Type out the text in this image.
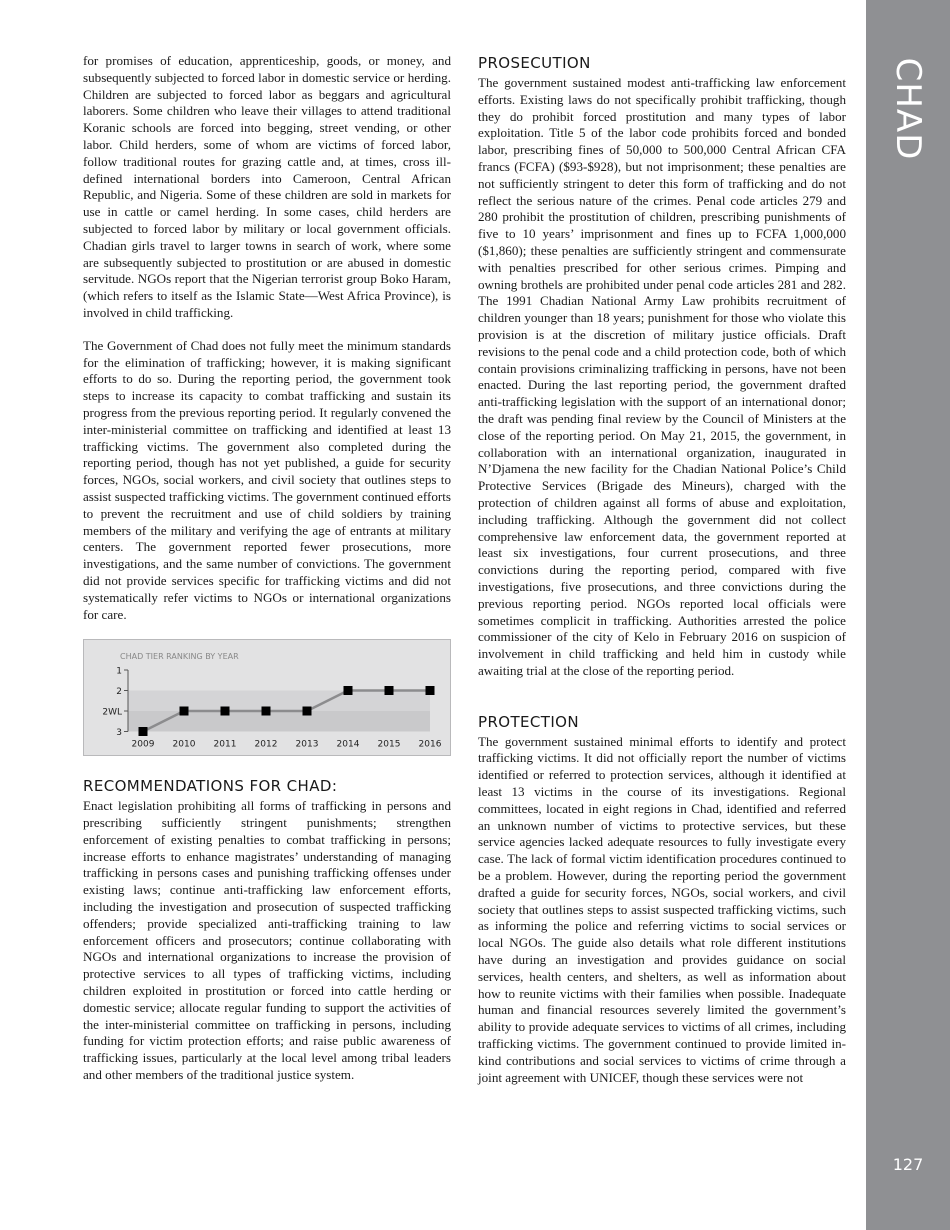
for promises of education, apprenticeship, goods, or money, and subsequently subjected to forced labor in domestic service or herding. Children are subjected to forced labor as beggars and agricultural laborers. Some children who leave their villages to attend traditional Koranic schools are forced into begging, street vending, or other labor. Child herders, some of whom are victims of forced labor, follow traditional routes for grazing cattle and, at times, cross ill-defined international borders into Cameroon, Central African Republic, and Nigeria. Some of these children are sold in markets for use in cattle or camel herding. In some cases, child herders are subjected to forced labor by military or local government officials. Chadian girls travel to larger towns in search of work, where some are subsequently subjected to prostitution or are abused in domestic servitude. NGOs report that the Nigerian terrorist group Boko Haram, (which refers to itself as the Islamic State—West Africa Province), is involved in child trafficking.

The Government of Chad does not fully meet the minimum standards for the elimination of trafficking; however, it is making significant efforts to do so. During the reporting period, the government took steps to increase its capacity to combat trafficking and sustain its progress from the previous reporting period. It regularly convened the inter-ministerial committee on trafficking and identified at least 13 trafficking victims. The government also completed during the reporting period, though has not yet published, a guide for security forces, NGOs, social workers, and civil society that outlines steps to assist suspected trafficking victims. The government continued efforts to prevent the recruitment and use of child soldiers by training members of the military and verifying the age of entrants at military centers. The government reported fewer prosecutions, more investigations, and the same number of convictions. The government did not provide services specific for trafficking victims and did not systematically refer victims to NGOs or international organizations for care.

CHAD TIER RANKING BY YEAR
1
2
2WL
3
2009 2010 2011 2012 2013 2014 2015 2016
RECOMMENDATIONS FOR CHAD:

Enact legislation prohibiting all forms of trafficking in persons and prescribing sufficiently stringent punishments; strengthen enforcement of existing penalties to combat trafficking in persons; increase efforts to enhance magistrates’ understanding of managing trafficking in persons cases and punishing trafficking offenses under existing laws; continue anti-trafficking law enforcement efforts, including the investigation and prosecution of suspected trafficking offenders; provide specialized anti-trafficking training to law enforcement officers and prosecutors; continue collaborating with NGOs and international organizations to increase the provision of protective services to all types of trafficking victims, including children exploited in prostitution or forced into cattle herding or domestic service; allocate regular funding to support the activities of the inter-ministerial committee on trafficking in persons, including funding for victim protection efforts; and raise public awareness of trafficking issues, particularly at the local level among tribal leaders and other members of the traditional justice system.

PROSECUTION

The government sustained modest anti-trafficking law enforcement efforts. Existing laws do not specifically prohibit trafficking, though they do prohibit forced prostitution and many types of labor exploitation. Title 5 of the labor code prohibits forced and bonded labor, prescribing fines of 50,000 to 500,000 Central African CFA francs (FCFA) ($93-$928), but not imprisonment; these penalties are not sufficiently stringent to deter this form of trafficking and do not reflect the serious nature of the crimes. Penal code articles 279 and 280 prohibit the prostitution of children, prescribing punishments of five to 10 years’ imprisonment and fines up to FCFA 1,000,000 ($1,860); these penalties are sufficiently stringent and commensurate with penalties prescribed for other serious crimes. Pimping and owning brothels are prohibited under penal code articles 281 and 282. The 1991 Chadian National Army Law prohibits recruitment of children younger than 18 years; punishment for those who violate this provision is at the discretion of military justice officials. Draft revisions to the penal code and a child protection code, both of which contain provisions criminalizing trafficking in persons, have not been enacted. During the last reporting period, the government drafted anti-trafficking legislation with the support of an international donor; the draft was pending final review by the Council of Ministers at the close of the reporting period. On May 21, 2015, the government, in collaboration with an international organization, inaugurated in N’Djamena the new facility for the Chadian National Police’s Child Protective Services (Brigade des Mineurs), charged with the protection of children against all forms of abuse and exploitation, including trafficking. Although the government did not collect comprehensive law enforcement data, the government reported at least six investigations, four current prosecutions, and three convictions during the reporting period, compared with five investigations, five prosecutions, and three convictions during the previous reporting period. NGOs reported local officials were sometimes complicit in trafficking. Authorities arrested the police commissioner of the city of Kelo in February 2016 on suspicion of involvement in child trafficking and held him in custody while awaiting trial at the close of the reporting period.

PROTECTION

The government sustained minimal efforts to identify and protect trafficking victims. It did not officially report the number of victims identified or referred to protection services, although it identified at least 13 victims in the course of its investigations. Regional committees, located in eight regions in Chad, identified and referred an unknown number of victims to protective services, but these service agencies lacked adequate resources to fully investigate every case. The lack of formal victim identification procedures continued to be a problem. However, during the reporting period the government drafted a guide for security forces, NGOs, social workers, and civil society that outlines steps to assist suspected trafficking victims, such as informing the police and referring victims to social services or local NGOs. The guide also details what role different institutions have during an investigation and provides guidance on social services, health centers, and shelters, as well as information about how to reunite victims with their families when possible. Inadequate human and financial resources severely limited the government’s ability to provide adequate services to victims of all crimes, including trafficking victims. The government continued to provide limited in-kind contributions and social services to victims of crime through a joint agreement with UNICEF, though these services were not

CHAD
127
